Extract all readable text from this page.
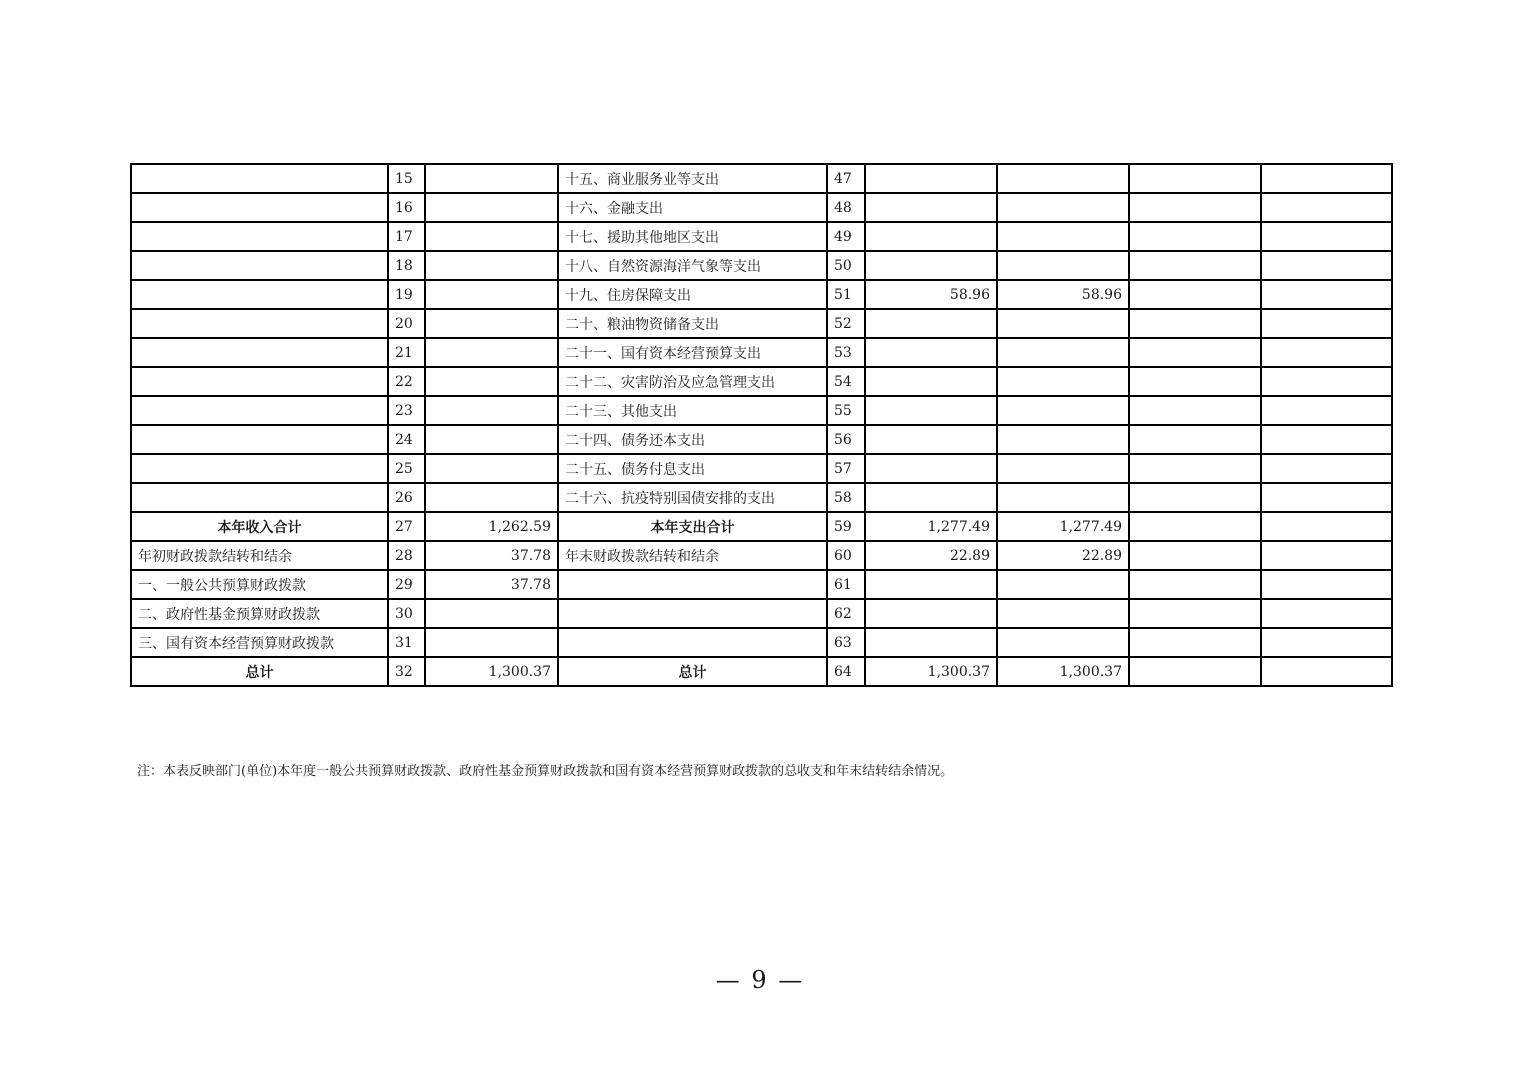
	15		十五、商业服务业等支出	47				
	16		十六、金融支出	48				
	17		十七、援助其他地区支出	49				
	18		十八、自然资源海洋气象等支出	50				
	19		十九、住房保障支出	51	58.96	58.96		
	20		二十、粮油物资储备支出	52				
	21		二十一、国有资本经营预算支出	53				
	22		二十二、灾害防治及应急管理支出	54				
	23		二十三、其他支出	55				
	24		二十四、债务还本支出	56				
	25		二十五、债务付息支出	57				
	26		二十六、抗疫特别国债安排的支出	58				
本年收入合计	27	1,262.59	本年支出合计	59	1,277.49	1,277.49		
年初财政拨款结转和结余	28	37.78	年末财政拨款结转和结余	60	22.89	22.89		
一、一般公共预算财政拨款	29	37.78		61				
二、政府性基金预算财政拨款	30			62				
三、国有资本经营预算财政拨款	31			63				
总计	32	1,300.37	总计	64	1,300.37	1,300.37		
注：本表反映部门(单位)本年度一般公共预算财政拨款、政府性基金预算财政拨款和国有资本经营预算财政拨款的总收支和年末结转结余情况。
— 9 —
